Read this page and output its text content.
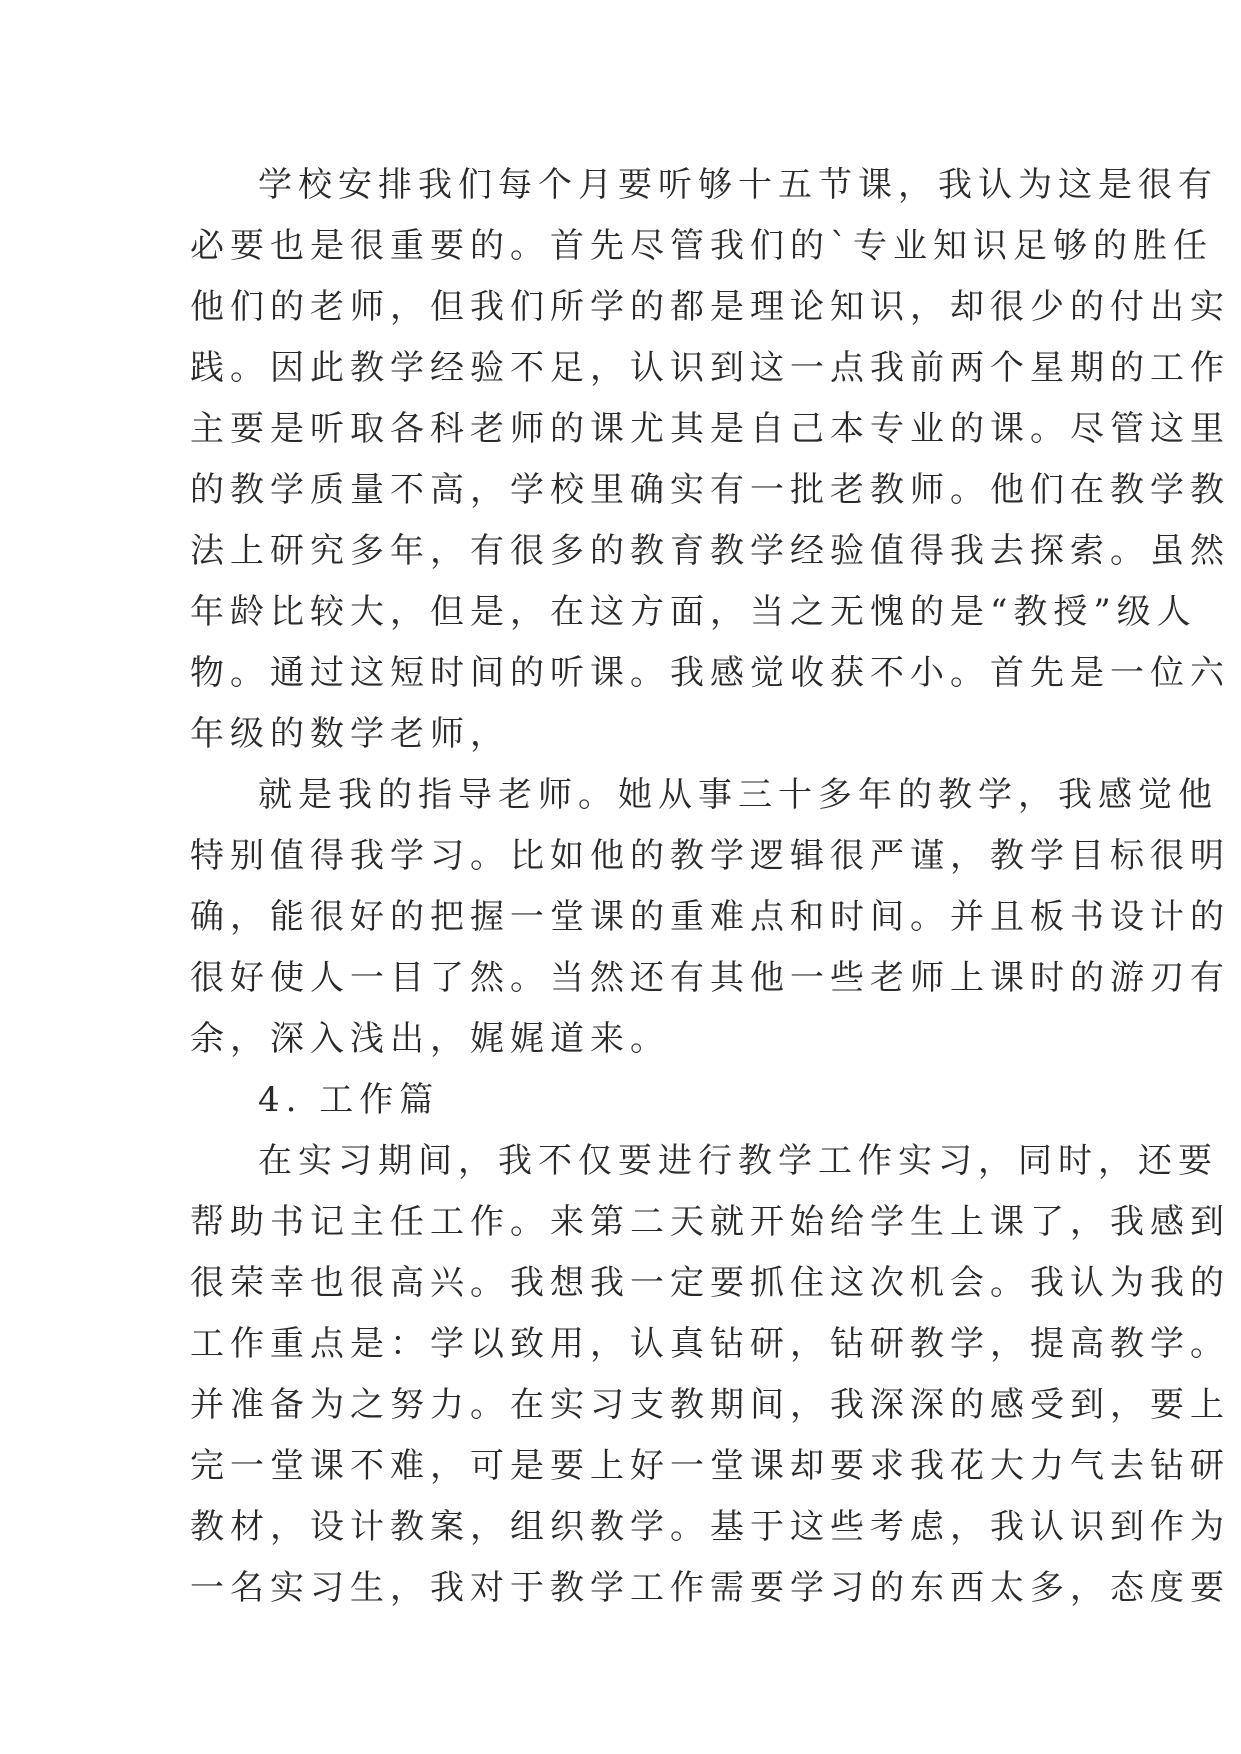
学校安排我们每个月要听够十五节课，我认为这是很有
必要也是很重要的。首先尽管我们的`专业知识足够的胜任
他们的老师，但我们所学的都是理论知识，却很少的付出实
践。因此教学经验不足，认识到这一点我前两个星期的工作
主要是听取各科老师的课尤其是自己本专业的课。尽管这里
的教学质量不高，学校里确实有一批老教师。他们在教学教
法上研究多年，有很多的教育教学经验值得我去探索。虽然
年龄比较大，但是，在这方面，当之无愧的是“教授”级人
物。通过这短时间的听课。我感觉收获不小。首先是一位六
年级的数学老师，
就是我的指导老师。她从事三十多年的教学，我感觉他
特别值得我学习。比如他的教学逻辑很严谨，教学目标很明
确，能很好的把握一堂课的重难点和时间。并且板书设计的
很好使人一目了然。当然还有其他一些老师上课时的游刃有
余，深入浅出，娓娓道来。
4. 工作篇
在实习期间，我不仅要进行教学工作实习，同时，还要
帮助书记主任工作。来第二天就开始给学生上课了，我感到
很荣幸也很高兴。我想我一定要抓住这次机会。我认为我的
工作重点是：学以致用，认真钻研，钻研教学，提高教学。
并准备为之努力。在实习支教期间，我深深的感受到，要上
完一堂课不难，可是要上好一堂课却要求我花大力气去钻研
教材，设计教案，组织教学。基于这些考虑，我认识到作为
一名实习生，我对于教学工作需要学习的东西太多，态度要
